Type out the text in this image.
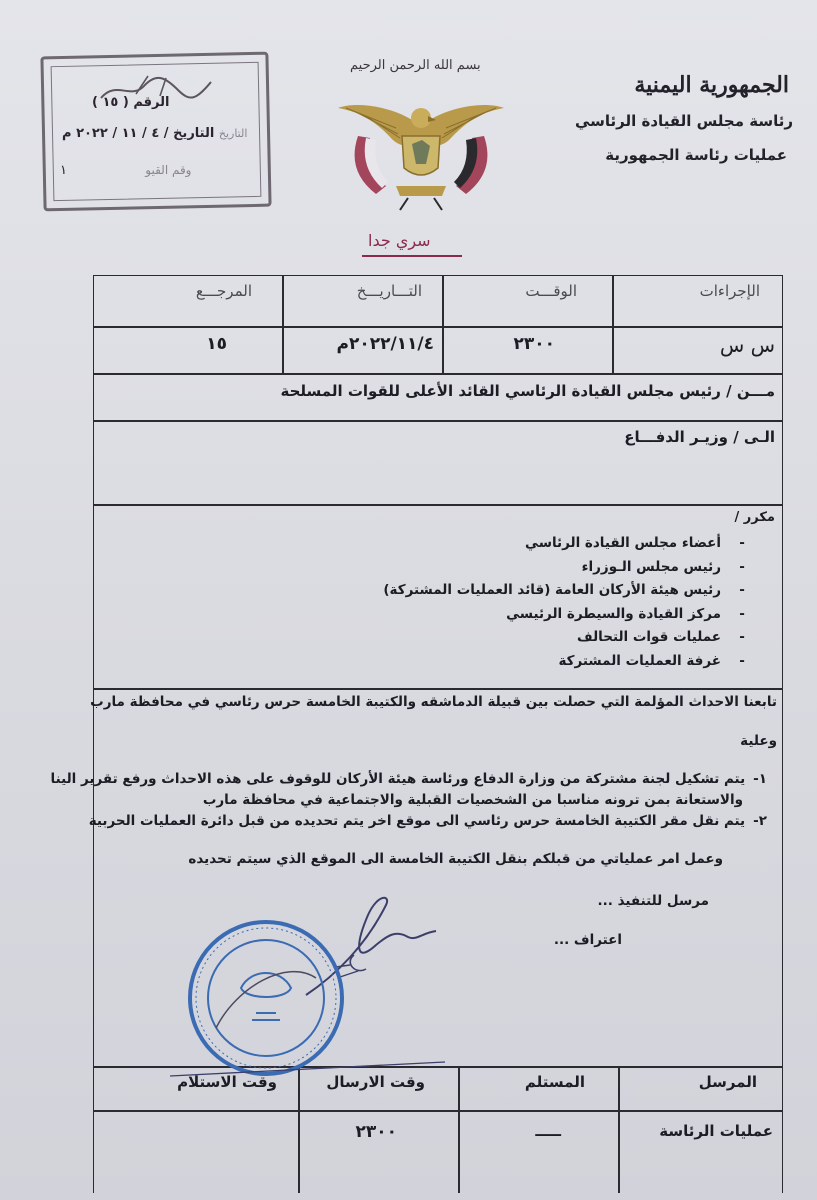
الرقم ( ١٥ )
التاريخ التاريخ / ٤ / ١١ / ٢٠٢٢ م
وقم القيو  ١
بسم الله الرحمن الرحيم
الجمهورية اليمنية
رئاسة مجلس القيادة الرئاسي
عمليات رئاسة الجمهورية
سري جدا
الإجراءات
الوقـــت
التـــاريـــخ
المرجـــع
س س
٢٣٠٠
٢٠٢٢/١١/٤م
١٥
مـــن / رئيس مجلس القيادة الرئاسي القائد الأعلى للقوات المسلحة
الـى / وزيـر الدفـــاع
مكرر /
- أعضاء مجلس القيادة الرئاسي
- رئيس مجلس الـوزراء
- رئيس هيئة الأركان العامة (قائد العمليات المشتركة)
- مركز القيادة والسيطرة الرئيسي
- عمليات قوات التحالف
- غرفة العمليات المشتركة
تابعنا الاحداث المؤلمة التي حصلت بين قبيلة الدماشقه والكتيبة الخامسة حرس رئاسي في محافظة مارب
وعلية
١-يتم تشكيل لجنة مشتركة من وزارة الدفاع ورئاسة هيئة الأركان للوقوف على هذه الاحداث ورفع تقرير الينا
والاستعانة بمن ترونه مناسبا من الشخصيات القبلية والاجتماعية في محافظة مارب
٢-يتم نقل مقر الكتيبة الخامسة حرس رئاسي الى موقع اخر يتم تحديده من قبل دائرة العمليات الحربية
وعمل امر عملياتي من قبلكم بنقل الكتيبة الخامسة الى الموقع الذي سيتم تحديده
مرسل للتنفيذ ...
اعتراف ...
المرسل
المستلم
وقت الارسال
وقت الاستلام
عمليات الرئاسة
ـــــ
٢٣٠٠
